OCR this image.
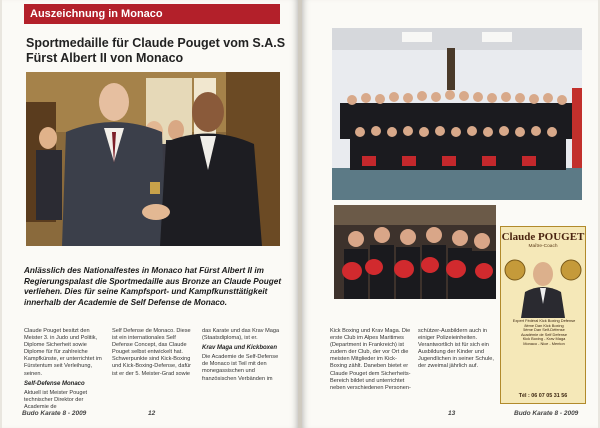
Auszeichnung in Monaco
Sportmedaille für Claude Pouget vom S.A.S Fürst Albert II von Monaco
Anlässlich des Nationalfestes in Monaco hat Fürst Albert II im Regierungspalast die Sportmedaille aus Bronze an Claude Pouget verliehen. Dies für seine Kampfsport- und Kampfkunsttätigkeit innerhalb der Academie de Self Defense de Monaco.

Claude Pouget besitzt den Meister 3. in Judo und Politik, Diplome Sicherheit sowie Diplome für für zahlreiche Kampfkünste, er unterrichtet im Fürstentum seit Verleihung, seinen.

Self-Defense Monaco

Aktuell ist Meister Pouget technischer Direktor der Academie de

Self Defense de Monaco. Diese ist ein internationales Self Defense Concept, das Claude Pouget selbst entwickelt hat. Schwerpunkte sind Kick-Boxing und Kick-Boxing-Defense, dafür ist er der 5. Meister-Grad sowie

das Karate und das Krav Maga (Staatsdiploma), ist er.

Krav Maga und Kickboxen

Die Academie de Self-Defense de Monaco ist Teil mit den monegassischen und französischen Verbänden im

Budo Karate 8 - 2009	12
Claude POUGET
Maître-Coach
Expert Fédéral Kick Boxing Defense
8ème Dan Kick Boxing
5ème Dan Self-Défense
Académie de Self Defense
Kick Boxing - Krav Maga
Monaco - Nice - Menton
Tél : 06 07 05 31 56

Kick Boxing und Krav Maga. Die erste Club im Alpes Maritimes (Department in Frankreich) ist zudem der Club, der vor Ort die meisten Mitglieder im Kick-Boxing zählt. Daneben bietet er Claude Pouget dem Sicherheits-Bereich bildet und unterrichtet neben verschiedenen Personen-

schützer-Ausbildern auch in einiger Polizeieinheiten. Verantwortlich ist für sich ein Ausbildung der Kinder und Jugendlichen in seiner Schule, der zweimal jährlich auf.

13	Budo Karate 8 - 2009
